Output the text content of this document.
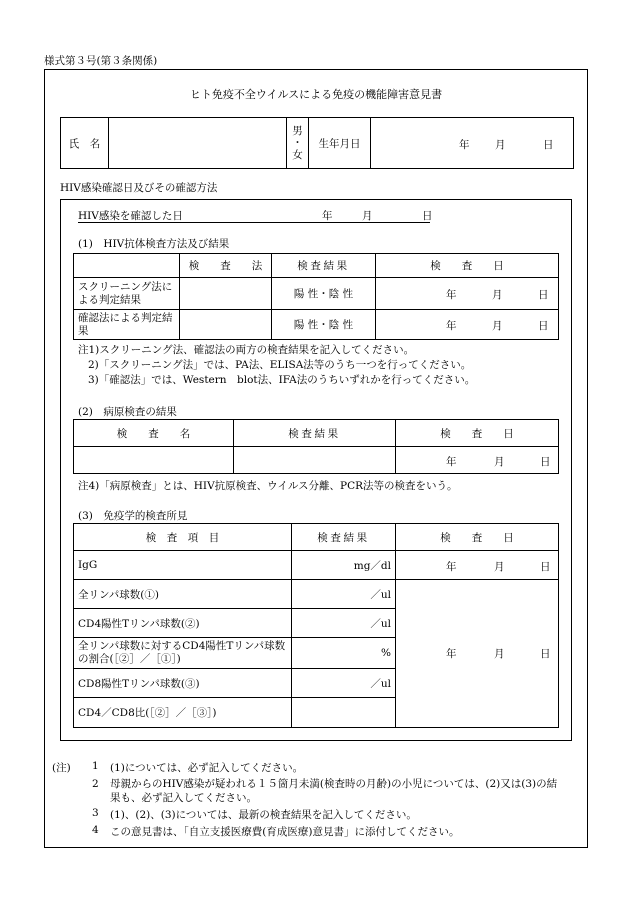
様式第３号(第３条関係)
ヒト免疫不全ウイルスによる免疫の機能障害意見書
氏　名		男
・
女	生年月日	年 月	日
HIV感染確認日及びその確認方法
HIV感染を確認した日	年	月	日
(1)　HIV抗体検査方法及び結果
	検　　査　　法	検査結果	検　　査　　日
スクリーニング法による判定結果		陽 性・陰 性	年 月 日

確認法による判定結果		陽 性・陰 性	年 月 日
注1)スクリーニング法、確認法の両方の検査結果を記入してください。
2)「スクリーニング法」では、PA法、ELISA法等のうち一つを行ってください。
3)「確認法」では、Western　blot法、IFA法のうちいずれかを行ってください。
(2)　病原検査の結果
検　　査　　名	検査結果	検　　査　　日

		年 月 日
注4)「病原検査」とは、HIV抗原検査、ウイルス分離、PCR法等の検査をいう。
(3)　免疫学的検査所見
検　査　項　目	検査結果	検　　査　　日
IgG	mg／dl	年 月 日

全リンパ球数(①)	／ul	年 月 日

CD4陽性Tリンパ球数(②)	／ul	
全リンパ球数に対するCD4陽性Tリンパ球数の割合(［②］／［①］)	%	
CD8陽性Tリンパ球数(③)	／ul	
CD4／CD8比(［②］／［③］)		
(注) 1	(1)については、必ず記入してください。
2	母親からのHIV感染が疑われる１５箇月未満(検査時の月齢)の小児については、(2)又は(3)の結果も、必ず記入してください。
3	(1)、(2)、(3)については、最新の検査結果を記入してください。
4	この意見書は、「自立支援医療費(育成医療)意見書」に添付してください。
